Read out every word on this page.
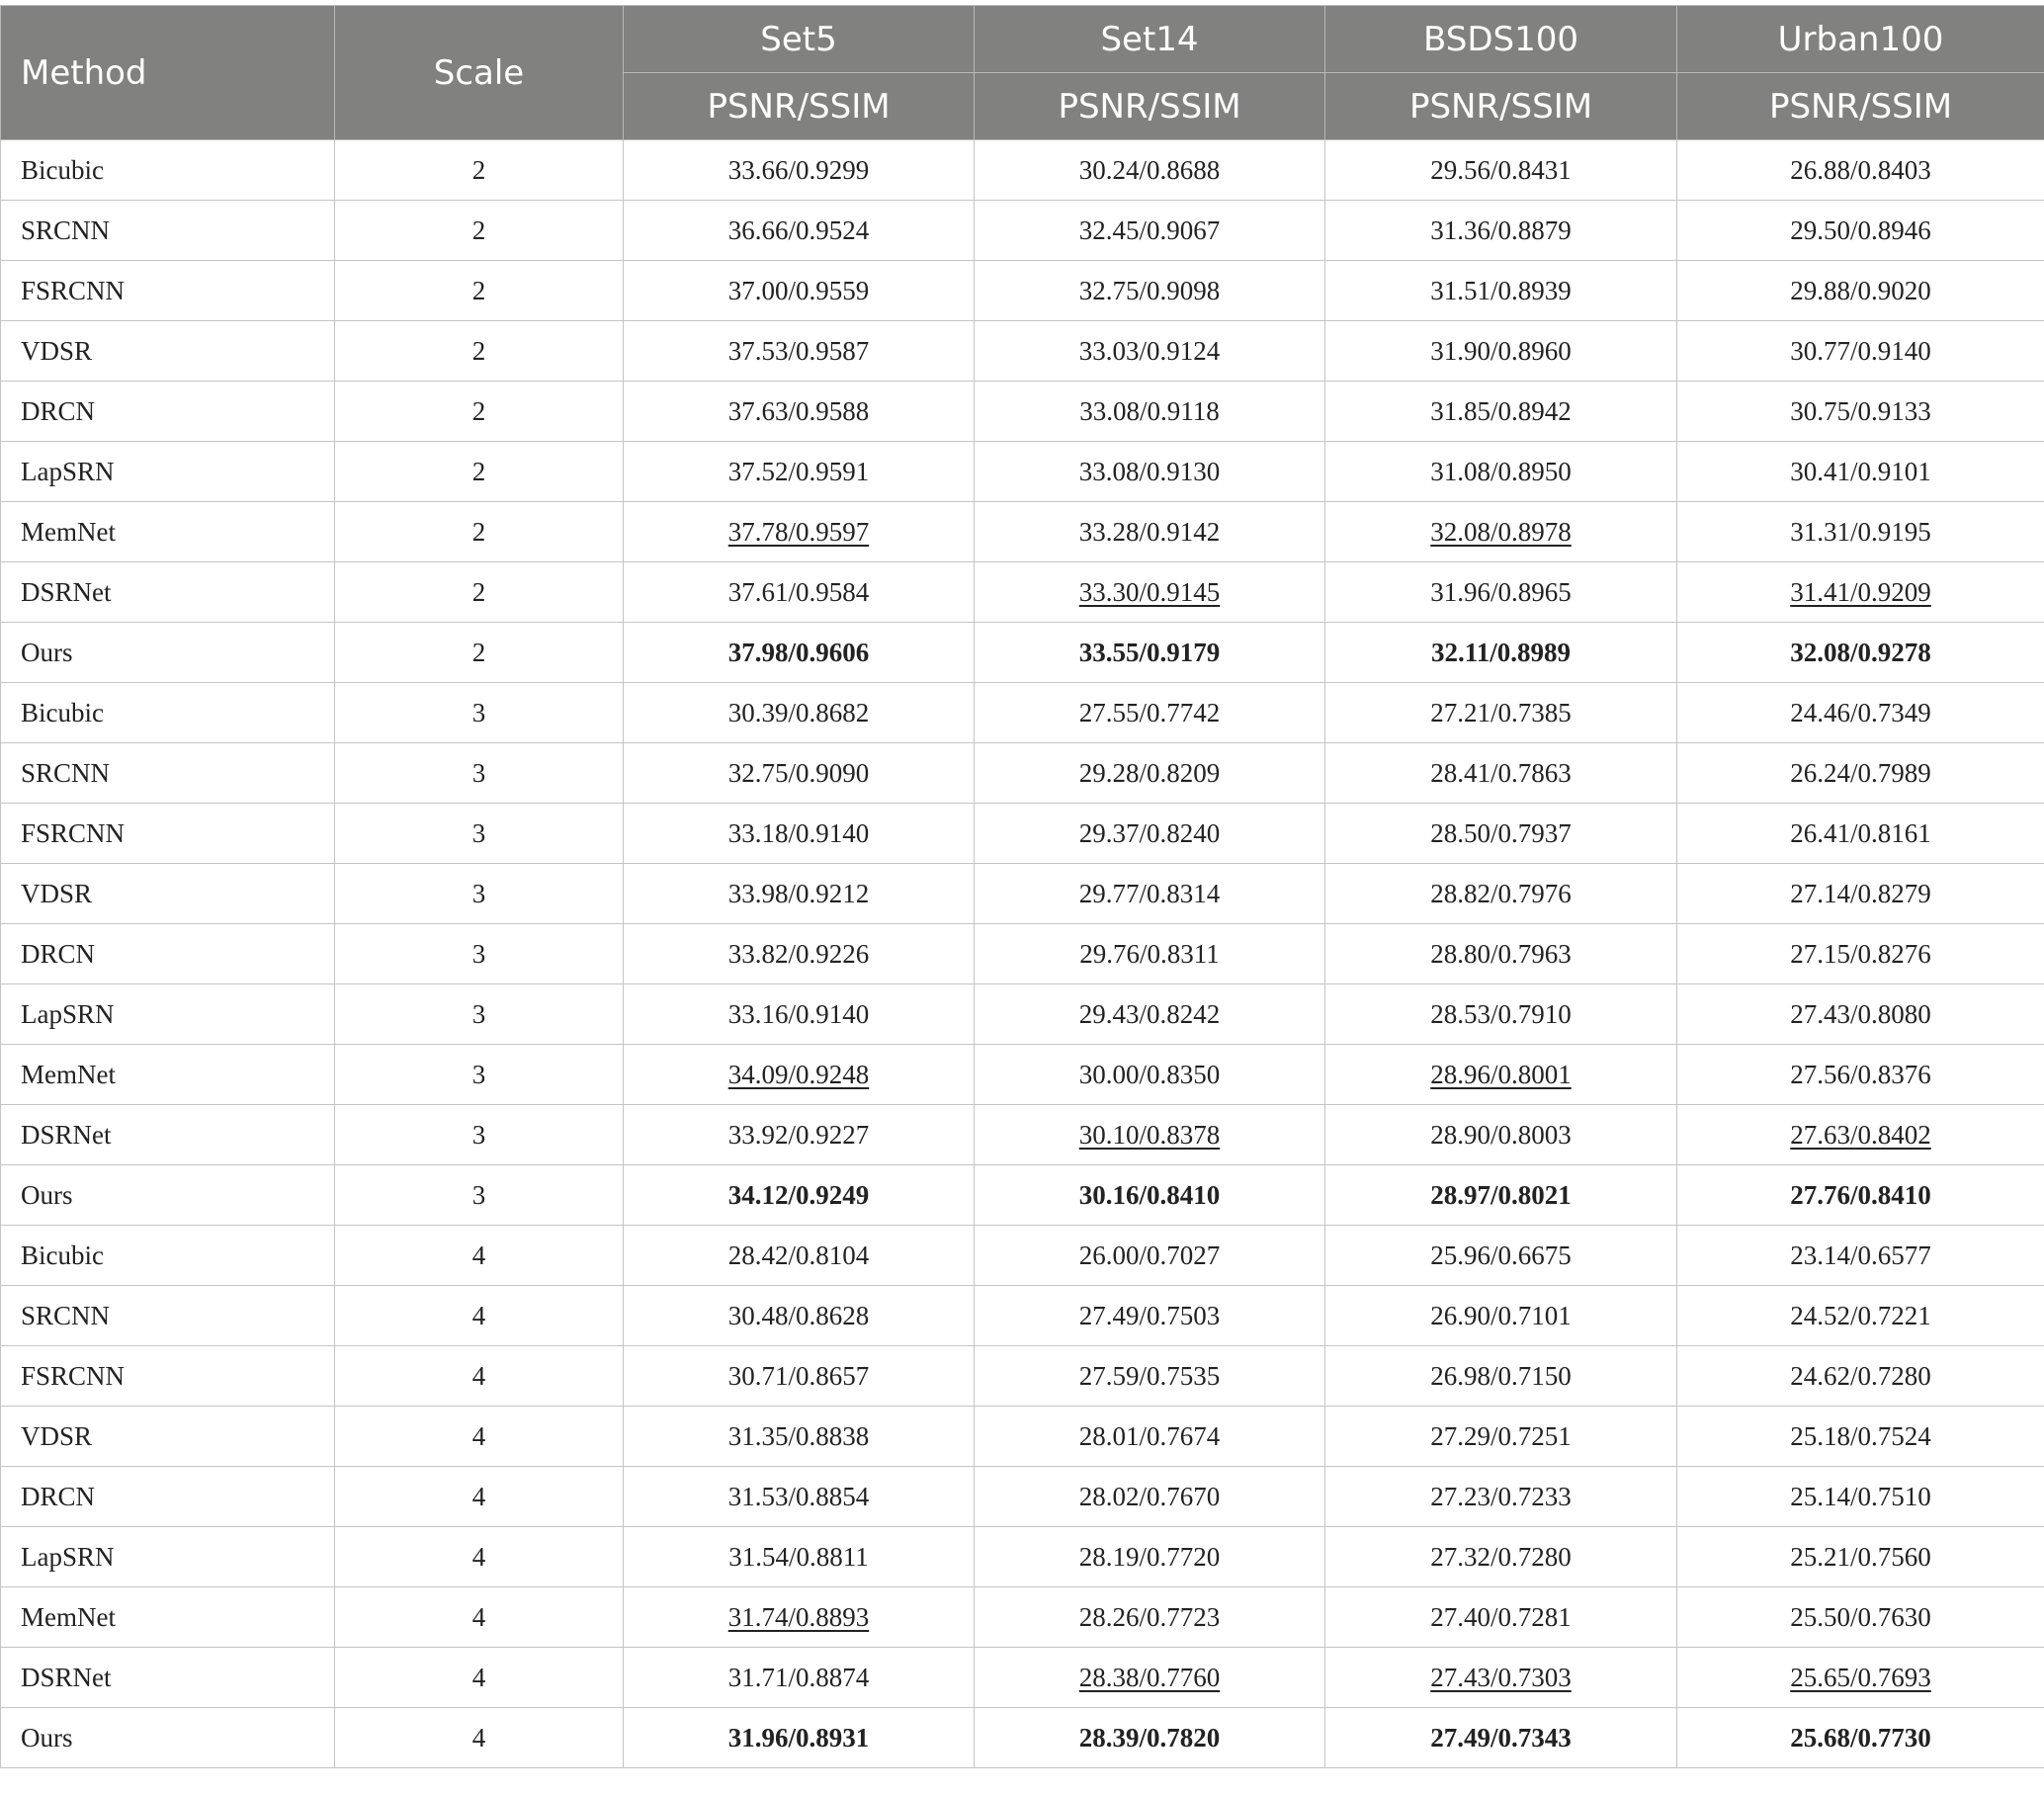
Method	Scale	Set5	Set14	BSDS100	Urban100
		PSNR/SSIM	PSNR/SSIM	PSNR/SSIM	PSNR/SSIM
Bicubic	2	33.66/0.9299	30.24/0.8688	29.56/0.8431	26.88/0.8403
SRCNN	2	36.66/0.9524	32.45/0.9067	31.36/0.8879	29.50/0.8946
FSRCNN	2	37.00/0.9559	32.75/0.9098	31.51/0.8939	29.88/0.9020
VDSR	2	37.53/0.9587	33.03/0.9124	31.90/0.8960	30.77/0.9140
DRCN	2	37.63/0.9588	33.08/0.9118	31.85/0.8942	30.75/0.9133
LapSRN	2	37.52/0.9591	33.08/0.9130	31.08/0.8950	30.41/0.9101
MemNet	2	37.78/0.9597	33.28/0.9142	32.08/0.8978	31.31/0.9195
DSRNet	2	37.61/0.9584	33.30/0.9145	31.96/0.8965	31.41/0.9209
Ours	2	37.98/0.9606	33.55/0.9179	32.11/0.8989	32.08/0.9278
Bicubic	3	30.39/0.8682	27.55/0.7742	27.21/0.7385	24.46/0.7349
SRCNN	3	32.75/0.9090	29.28/0.8209	28.41/0.7863	26.24/0.7989
FSRCNN	3	33.18/0.9140	29.37/0.8240	28.50/0.7937	26.41/0.8161
VDSR	3	33.98/0.9212	29.77/0.8314	28.82/0.7976	27.14/0.8279
DRCN	3	33.82/0.9226	29.76/0.8311	28.80/0.7963	27.15/0.8276
LapSRN	3	33.16/0.9140	29.43/0.8242	28.53/0.7910	27.43/0.8080
MemNet	3	34.09/0.9248	30.00/0.8350	28.96/0.8001	27.56/0.8376
DSRNet	3	33.92/0.9227	30.10/0.8378	28.90/0.8003	27.63/0.8402
Ours	3	34.12/0.9249	30.16/0.8410	28.97/0.8021	27.76/0.8410
Bicubic	4	28.42/0.8104	26.00/0.7027	25.96/0.6675	23.14/0.6577
SRCNN	4	30.48/0.8628	27.49/0.7503	26.90/0.7101	24.52/0.7221
FSRCNN	4	30.71/0.8657	27.59/0.7535	26.98/0.7150	24.62/0.7280
VDSR	4	31.35/0.8838	28.01/0.7674	27.29/0.7251	25.18/0.7524
DRCN	4	31.53/0.8854	28.02/0.7670	27.23/0.7233	25.14/0.7510
LapSRN	4	31.54/0.8811	28.19/0.7720	27.32/0.7280	25.21/0.7560
MemNet	4	31.74/0.8893	28.26/0.7723	27.40/0.7281	25.50/0.7630
DSRNet	4	31.71/0.8874	28.38/0.7760	27.43/0.7303	25.65/0.7693
Ours	4	31.96/0.8931	28.39/0.7820	27.49/0.7343	25.68/0.7730
